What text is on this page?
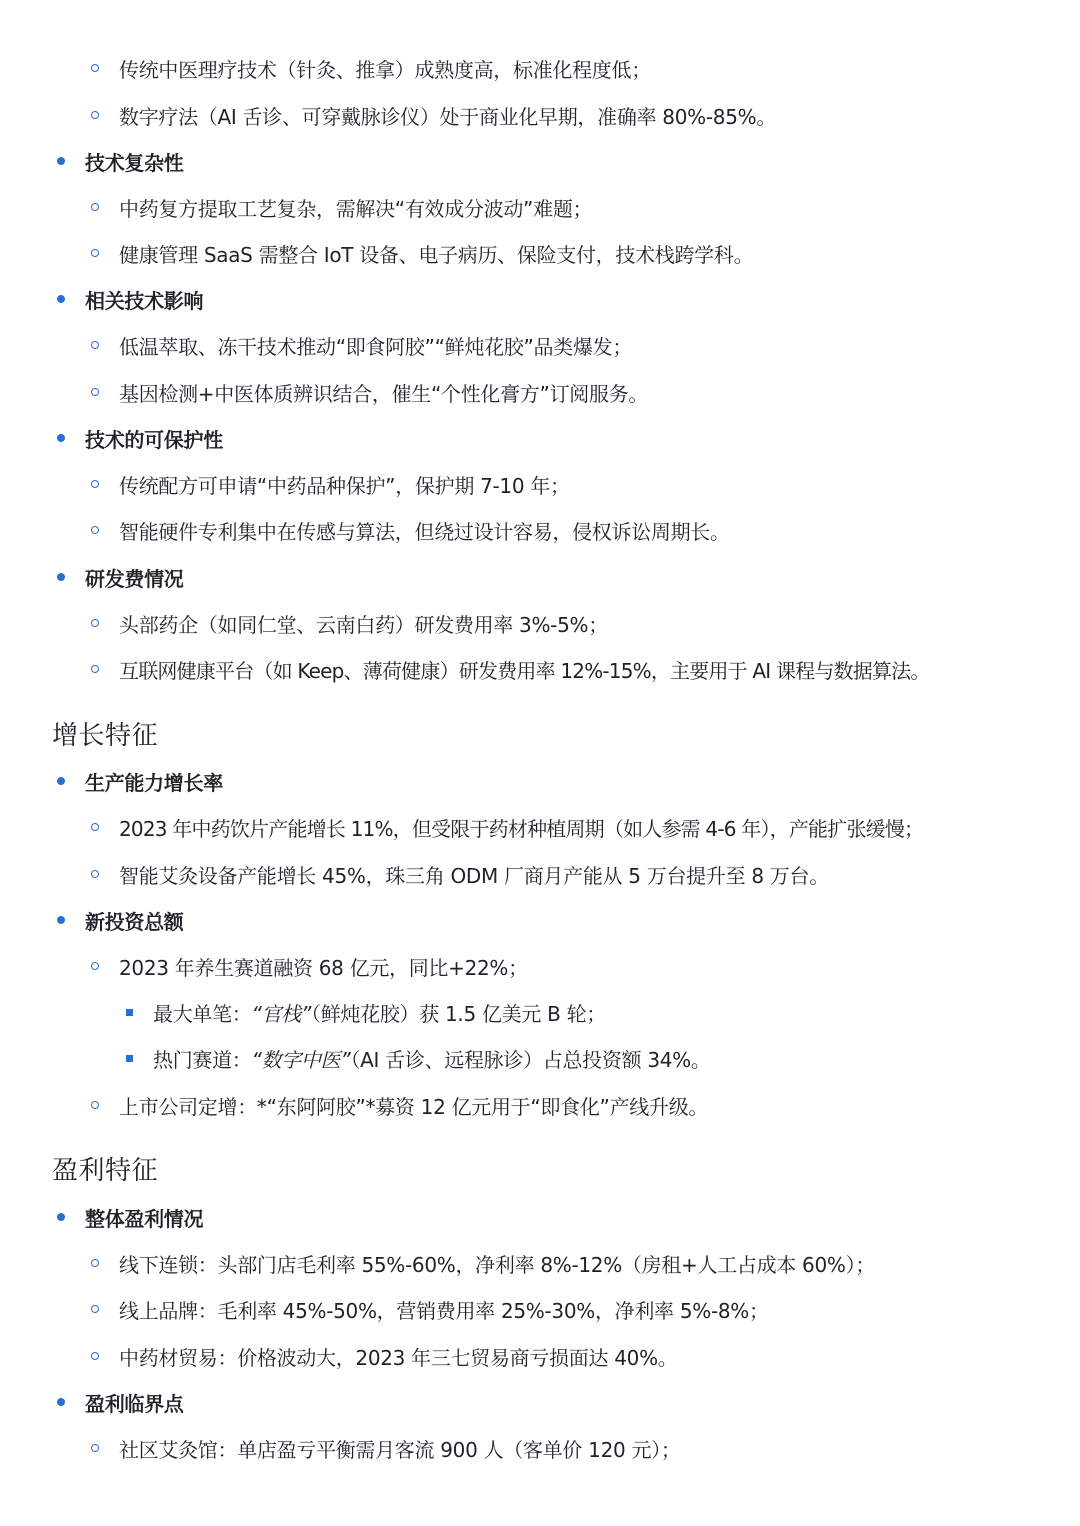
传统中医理疗技术（针灸、推拿）成熟度高，标准化程度低；
数字疗法（AI 舌诊、可穿戴脉诊仪）处于商业化早期，准确率 80%-85%。
技术复杂性
中药复方提取工艺复杂，需解决“有效成分波动”难题；
健康管理 SaaS 需整合 IoT 设备、电子病历、保险支付，技术栈跨学科。
相关技术影响
低温萃取、冻干技术推动“即食阿胶”“鲜炖花胶”品类爆发；
基因检测+中医体质辨识结合，催生“个性化膏方”订阅服务。
技术的可保护性
传统配方可申请“中药品种保护”，保护期 7-10 年；
智能硬件专利集中在传感与算法，但绕过设计容易，侵权诉讼周期长。
研发费情况
头部药企（如同仁堂、云南白药）研发费用率 3%-5%；
互联网健康平台（如 Keep、薄荷健康）研发费用率 12%-15%，主要用于 AI 课程与数据算法。
增长特征
生产能力增长率
2023 年中药饮片产能增长 11%，但受限于药材种植周期（如人参需 4-6 年），产能扩张缓慢；
智能艾灸设备产能增长 45%，珠三角 ODM 厂商月产能从 5 万台提升至 8 万台。
新投资总额
2023 年养生赛道融资 68 亿元，同比+22%；
最大单笔：“官栈”（鲜炖花胶）获 1.5 亿美元 B 轮；
热门赛道：“数字中医”（AI 舌诊、远程脉诊）占总投资额 34%。
上市公司定增：*“东阿阿胶”*募资 12 亿元用于“即食化”产线升级。
盈利特征
整体盈利情况
线下连锁：头部门店毛利率 55%-60%，净利率 8%-12%（房租+人工占成本 60%）；
线上品牌：毛利率 45%-50%，营销费用率 25%-30%，净利率 5%-8%；
中药材贸易：价格波动大，2023 年三七贸易商亏损面达 40%。
盈利临界点
社区艾灸馆：单店盈亏平衡需月客流 900 人（客单价 120 元）；
